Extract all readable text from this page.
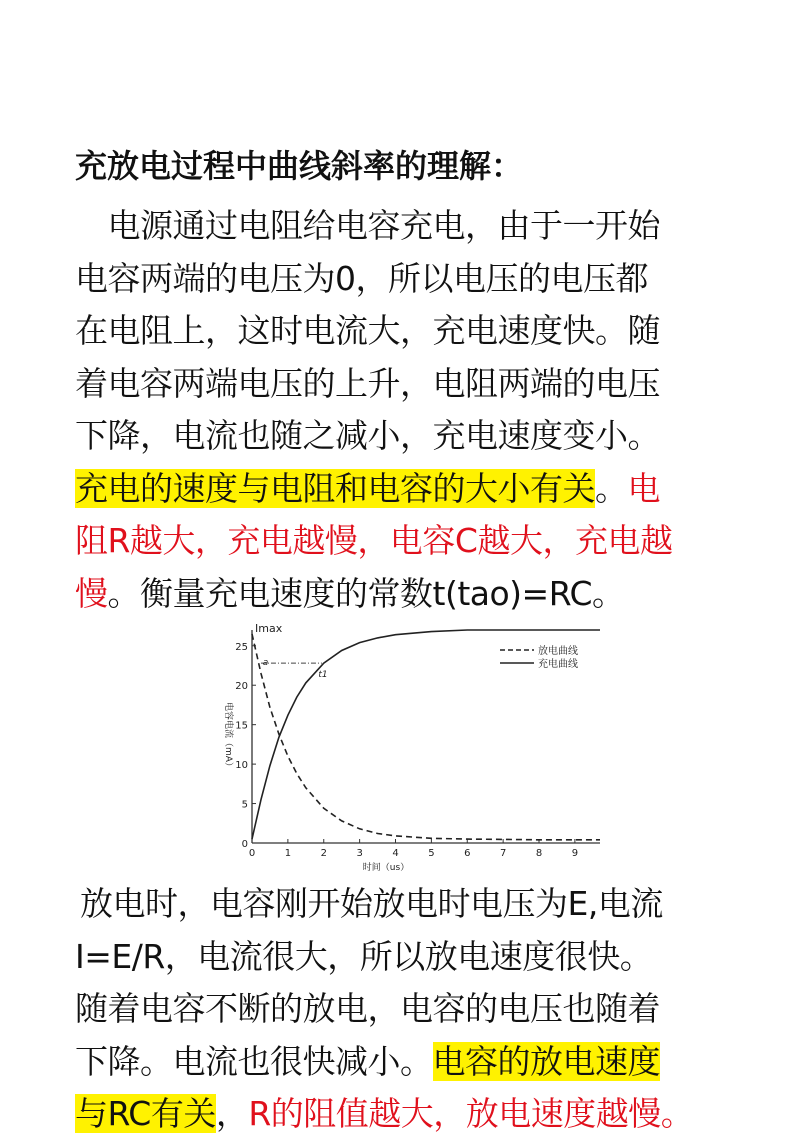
充放电过程中曲线斜率的理解：
　电源通过电阻给电容充电，由于一开始
电容两端的电压为0，所以电压的电压都
在电阻上，这时电流大，充电速度快。随
着电容两端电压的上升，电阻两端的电压
下降，电流也随之减小，充电速度变小。
充电的速度与电阻和电容的大小有关。电
阻R越大，充电越慢，电容C越大，充电越
慢。衡量充电速度的常数t(tao)=RC。
 放电时，电容刚开始放电时电压为E,电流
I=E/R，电流很大，所以放电速度很快。
随着电容不断的放电，电容的电压也随着
下降。电流也很快减小。电容的放电速度
与RC有关，R的阻值越大，放电速度越慢。
0
5
10
15
20
25
0	1	2	3	4	5	6	7	8	9
Imax
时间（us）
电容电流（mA）
a
t1
放电曲线
充电曲线
